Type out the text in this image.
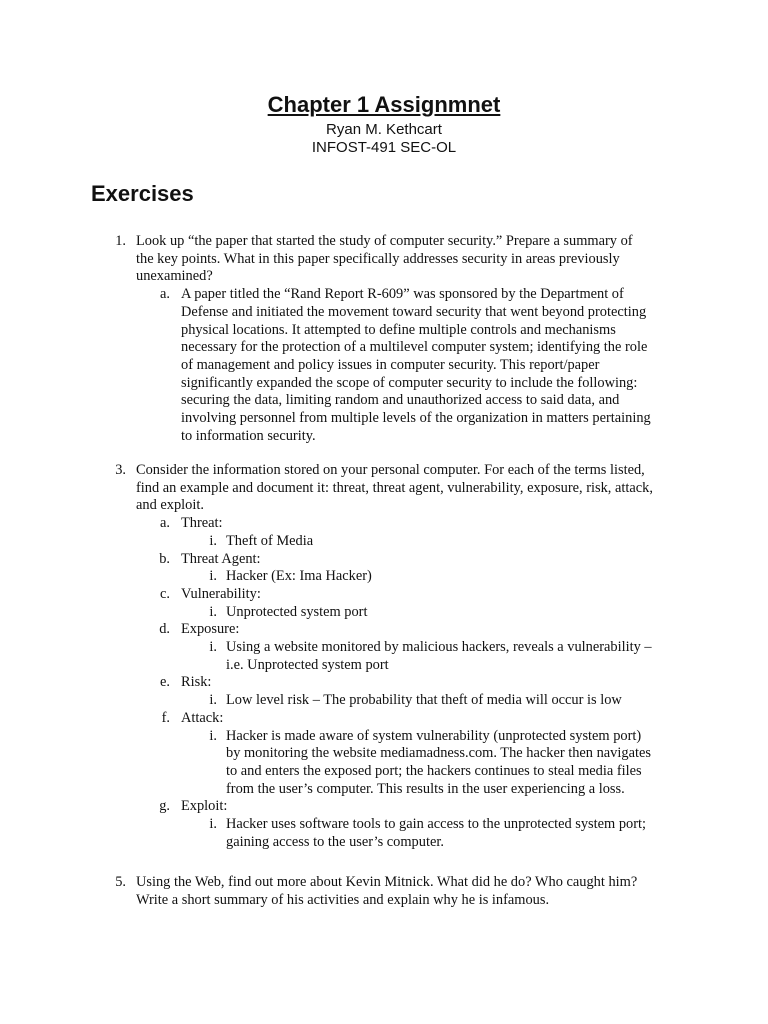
Chapter 1 Assignmnet
Ryan M. Kethcart
INFOST-491 SEC-OL
Exercises
1. Look up “the paper that started the study of computer security.” Prepare a summary of
the key points. What in this paper specifically addresses security in areas previously
unexamined?
a. A paper titled the “Rand Report R-609” was sponsored by the Department of
Defense and initiated the movement toward security that went beyond protecting
physical locations. It attempted to define multiple controls and mechanisms
necessary for the protection of a multilevel computer system; identifying the role
of management and policy issues in computer security. This report/paper
significantly expanded the scope of computer security to include the following:
securing the data, limiting random and unauthorized access to said data, and
involving personnel from multiple levels of the organization in matters pertaining
to information security.
3. Consider the information stored on your personal computer. For each of the terms listed,
find an example and document it: threat, threat agent, vulnerability, exposure, risk, attack,
and exploit.
a. Threat:
i. Theft of Media
b. Threat Agent:
i. Hacker (Ex: Ima Hacker)
c. Vulnerability:
i. Unprotected system port
d. Exposure:
i. Using a website monitored by malicious hackers, reveals a vulnerability –
i.e. Unprotected system port
e. Risk:
i. Low level risk – The probability that theft of media will occur is low
f. Attack:
i. Hacker is made aware of system vulnerability (unprotected system port)
by monitoring the website mediamadness.com. The hacker then navigates
to and enters the exposed port; the hackers continues to steal media files
from the user’s computer. This results in the user experiencing a loss.
g. Exploit:
i. Hacker uses software tools to gain access to the unprotected system port;
gaining access to the user’s computer.
5. Using the Web, find out more about Kevin Mitnick. What did he do? Who caught him?
Write a short summary of his activities and explain why he is infamous.
